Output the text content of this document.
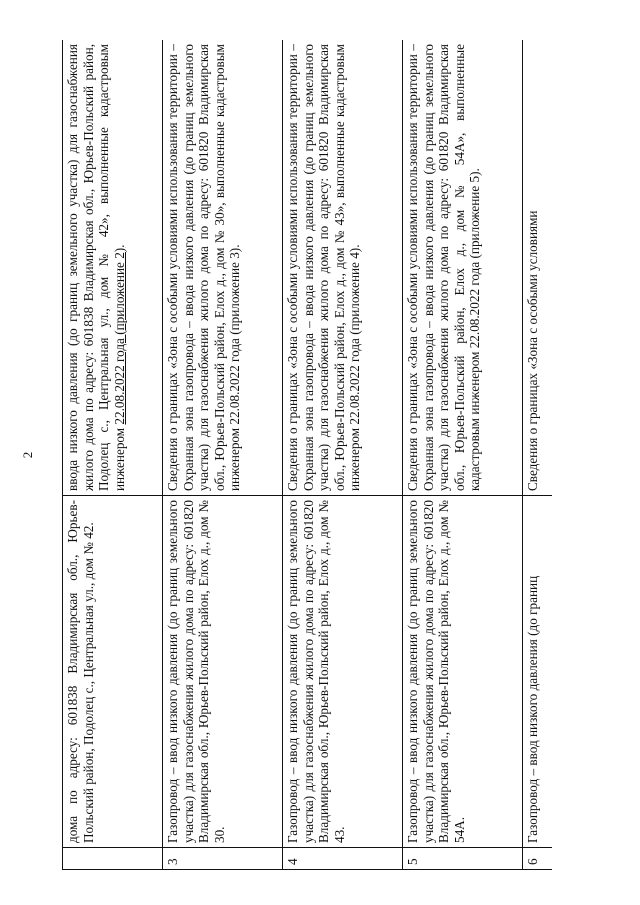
2
	дома по адресу: 601838 Владимирская обл., Юрьев-Польский район, Подолец с., Центральная ул., дом № 42.	ввода низкого давления (до границ земельного участка) для газоснабжения жилого дома по адресу: 601838 Владимирская обл., Юрьев-Польский район, Подолец с., Центральная ул., дом № 42», выполненные кадастровым инженером 22.08.2022 года (приложение 2).
3	Газопровод – ввод низкого давления (до границ земельного участка) для газоснабжения жилого дома по адресу: 601820 Владимирская обл., Юрьев-Польский район, Елох д., дом № 30.	Сведения о границах «Зона с особыми условиями использования территории – Охранная зона газопровода – ввода низкого давления (до границ земельного участка) для газоснабжения жилого дома по адресу: 601820 Владимирская обл., Юрьев-Польский район, Елох д., дом № 30», выполненные кадастровым инженером 22.08.2022 года (приложение 3).
4	Газопровод – ввод низкого давления (до границ земельного участка) для газоснабжения жилого дома по адресу: 601820 Владимирская обл., Юрьев-Польский район, Елох д., дом № 43.	Сведения о границах «Зона с особыми условиями использования территории – Охранная зона газопровода – ввода низкого давления (до границ земельного участка) для газоснабжения жилого дома по адресу: 601820 Владимирская обл., Юрьев-Польский район, Елох д., дом № 43», выполненные кадастровым инженером 22.08.2022 года (приложение 4).
5	Газопровод – ввод низкого давления (до границ земельного участка) для газоснабжения жилого дома по адресу: 601820 Владимирская обл., Юрьев-Польский район, Елох д., дом № 54А.	Сведения о границах «Зона с особыми условиями использования территории – Охранная зона газопровода – ввода низкого давления (до границ земельного участка) для газоснабжения жилого дома по адресу: 601820 Владимирская обл., Юрьев-Польский район, Елох д., дом № 54А», выполненные кадастровым инженером 22.08.2022 года (приложение 5).
6	Газопровод – ввод низкого давления (до границ	Сведения о границах «Зона с особыми условиями
